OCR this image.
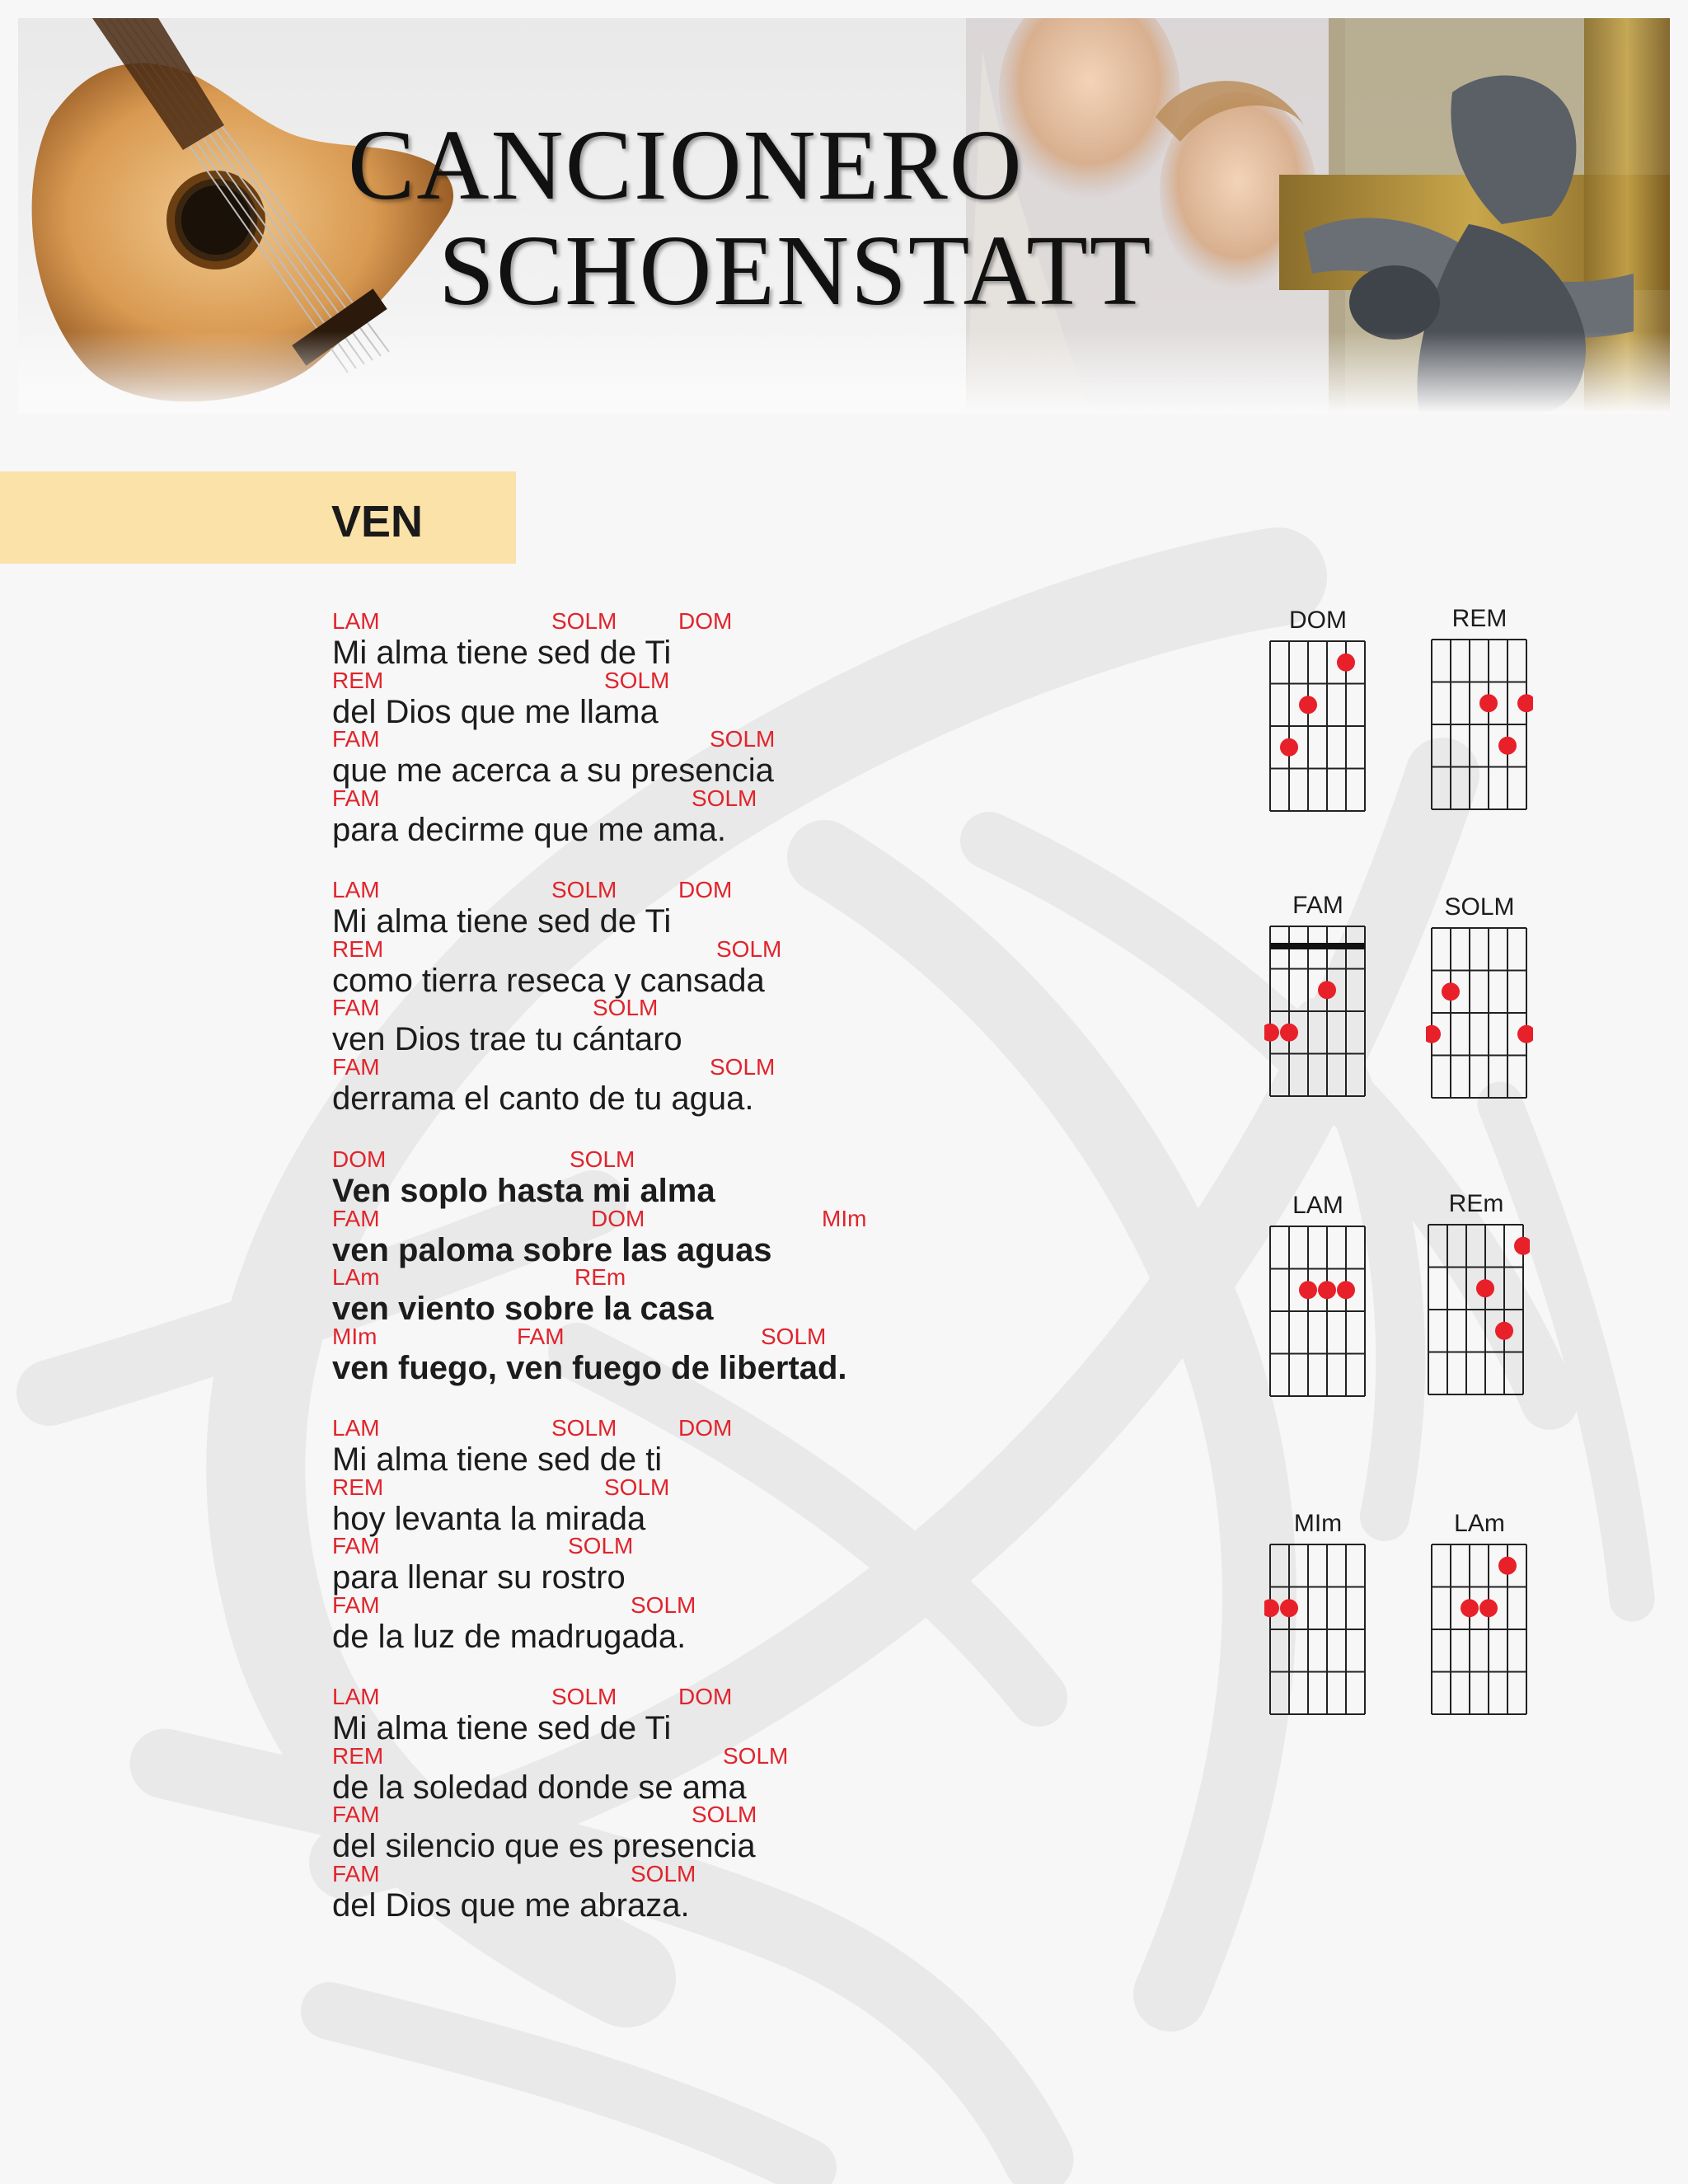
CANCIONERO
SCHOENSTATT
VEN
LAM	SOLM	DOM
Mi alma tiene sed de Ti
REM	SOLM
del Dios que me llama
FAM	SOLM
que me acerca a su presencia
FAM	SOLM
para decirme que me ama.
LAM	SOLM	DOM
Mi alma tiene sed de Ti
REM	SOLM
como tierra reseca y cansada
FAM	SOLM
ven Dios trae tu cántaro
FAM	SOLM
derrama el canto de tu agua.
DOM	SOLM
Ven soplo hasta mi alma
FAM	DOM	MIm
ven paloma sobre las aguas
LAm	REm
ven viento sobre la casa
MIm	FAM	SOLM
ven fuego, ven fuego de libertad.
LAM	SOLM	DOM
Mi alma tiene sed de ti
REM	SOLM
hoy levanta la mirada
FAM	SOLM
para llenar su rostro
FAM	SOLM
de la luz de madrugada.
LAM	SOLM	DOM
Mi alma tiene sed de Ti
REM	SOLM
de la soledad donde se ama
FAM	SOLM
del silencio que es presencia
FAM	SOLM
del Dios que me abraza.
DOM	REM
FAM	SOLM
LAM	REm
MIm	LAm
